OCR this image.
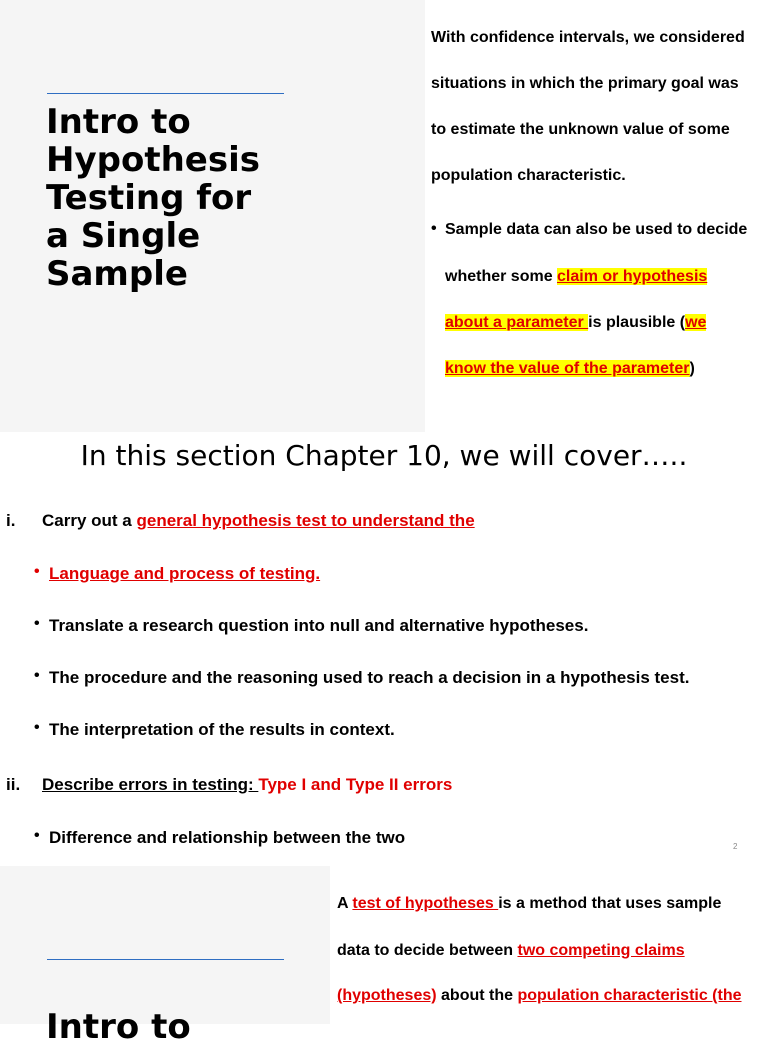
Intro to
Hypothesis
Testing for
a Single
Sample
With confidence intervals, we considered
situations in which the primary goal was
to estimate the unknown value of some
population characteristic.
• Sample data can also be used to decide
whether some claim or hypothesis
about a parameter is plausible (we
know the value of the parameter)
In this section Chapter 10, we will cover…..
i. Carry out a general hypothesis test to understand the
• Language and process of testing.
• Translate a research question into null and alternative hypotheses.
• The procedure and the reasoning used to reach a decision in a hypothesis test.
• The interpretation of the results in context.
ii. Describe errors in testing: Type I and Type II errors
• Difference and relationship between the two	2
Intro to
A test of hypotheses is a method that uses sample
data to decide between two competing claims
(hypotheses) about the population characteristic (the
